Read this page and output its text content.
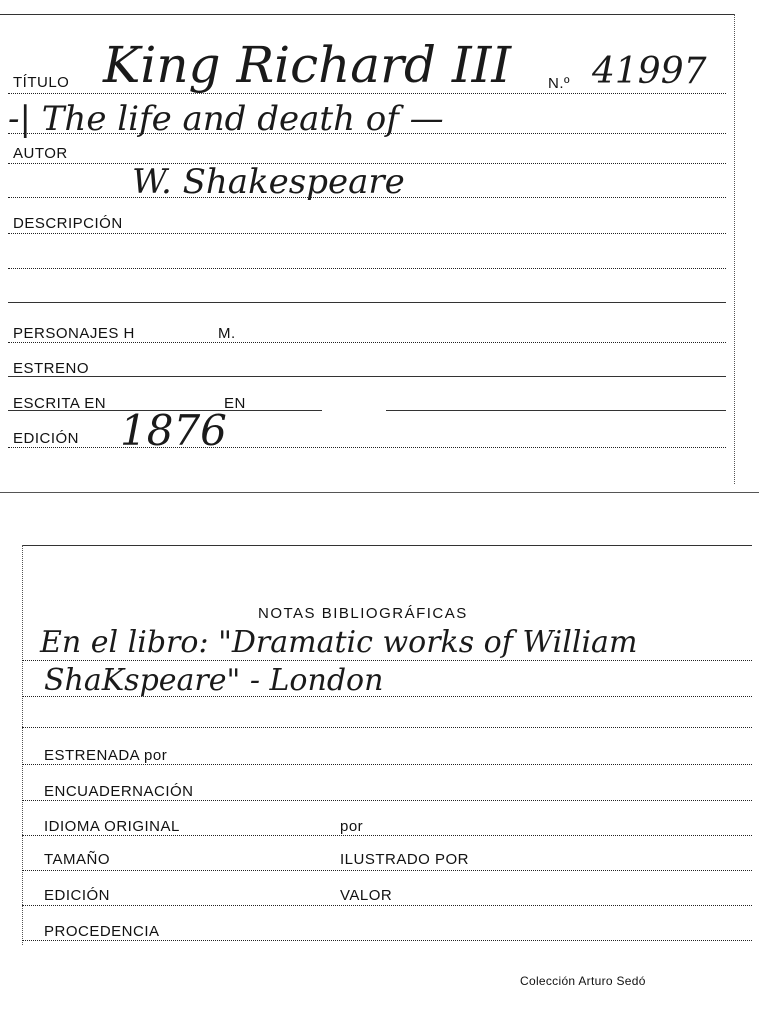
TÍTULO King Richard III N.º 41997
-| The life and death of —
AUTOR
W. Shakespeare
DESCRIPCIÓN
PERSONAJES H	M.
ESTRENO
ESCRITA EN	EN
EDICIÓN 1876
NOTAS BIBLIOGRÁFICAS
En el libro: "Dramatic works of William
ShaKspeare" - London
ESTRENADA por
ENCUADERNACIÓN
IDIOMA ORIGINAL	por
TAMAÑO	ILUSTRADO POR
EDICIÓN	VALOR
PROCEDENCIA
Colección Arturo Sedó
